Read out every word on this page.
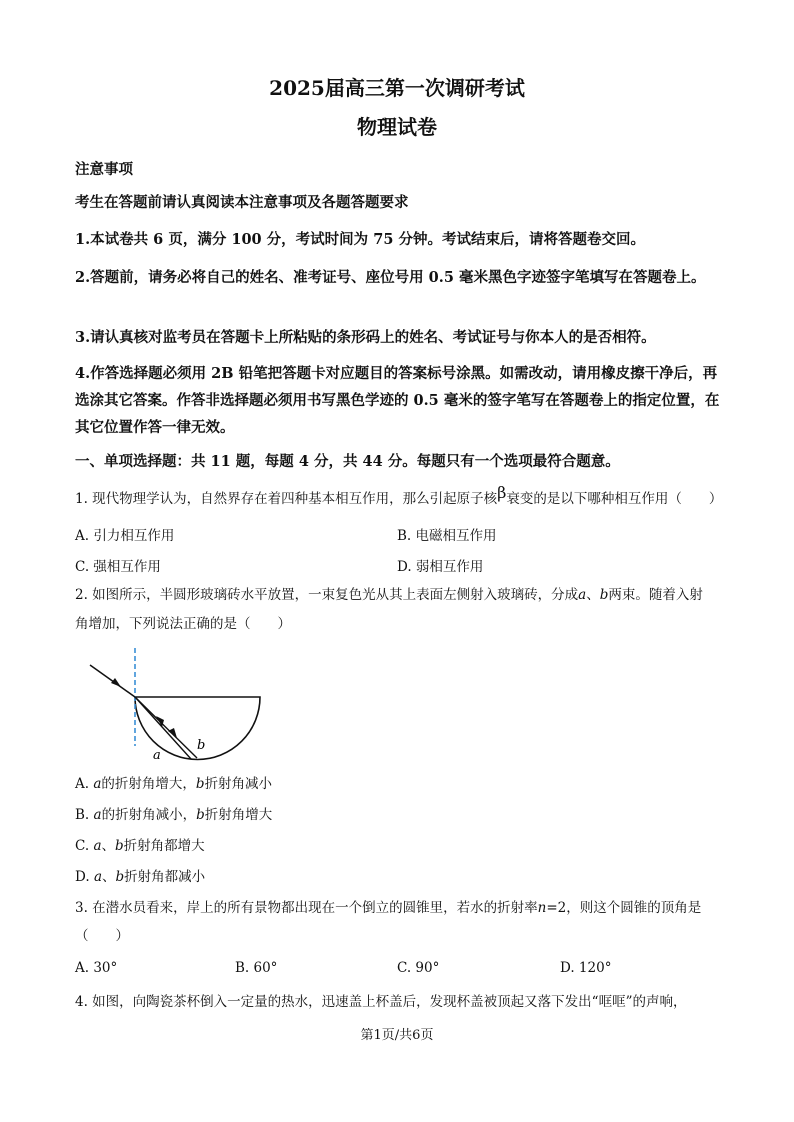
2025届高三第一次调研考试
物理试卷
注意事项
考生在答题前请认真阅读本注意事项及各题答题要求
1.本试卷共 6 页，满分 100 分，考试时间为 75 分钟。考试结束后，请将答题卷交回。
2.答题前，请务必将自己的姓名、准考证号、座位号用 0.5 毫米黑色字迹签字笔填写在答题卷上。
3.请认真核对监考员在答题卡上所粘贴的条形码上的姓名、考试证号与你本人的是否相符。
4.作答选择题必须用 2B 铅笔把答题卡对应题目的答案标号涂黑。如需改动，请用橡皮擦干净后，再选涂其它答案。作答非选择题必须用书写黑色学迹的 0.5 毫米的签字笔写在答题卷上的指定位置，在其它位置作答一律无效。
一、单项选择题：共 11 题，每题 4 分，共 44 分。每题只有一个选项最符合题意。
1. 现代物理学认为，自然界存在着四种基本相互作用，那么引起原子核β衰变的是以下哪种相互作用（　　）
A. 引力相互作用	B. 电磁相互作用
C. 强相互作用	D. 弱相互作用
2. 如图所示，半圆形玻璃砖水平放置，一束复色光从其上表面左侧射入玻璃砖，分成a、b两束。随着入射
角增加，下列说法正确的是（　　）
a
b
A. a的折射角增大，b折射角减小
B. a的折射角减小，b折射角增大
C. a、b折射角都增大
D. a、b折射角都减小
3. 在潜水员看来，岸上的所有景物都出现在一个倒立的圆锥里，若水的折射率n=2，则这个圆锥的顶角是
（　　）
A. 30°	B. 60°	C. 90°	D. 120°
4. 如图，向陶瓷茶杯倒入一定量的热水，迅速盖上杯盖后，发现杯盖被顶起又落下发出“哐哐”的声响，
第1页/共6页
